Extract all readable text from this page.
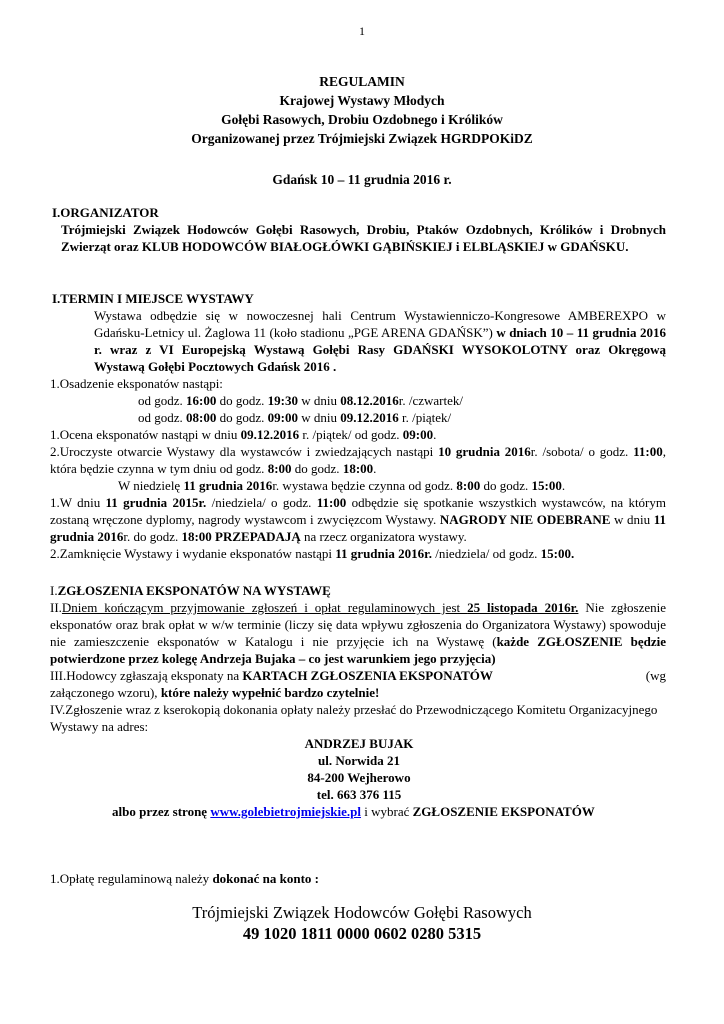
1
REGULAMIN
Krajowej Wystawy Młodych
Gołębi Rasowych, Drobiu Ozdobnego i Królików
Organizowanej przez Trójmiejski Związek HGRDPOKiDZ
Gdańsk 10 – 11 grudnia 2016 r.
I.ORGANIZATOR

Trójmiejski Związek Hodowców Gołębi Rasowych, Drobiu, Ptaków Ozdobnych, Królików i Drobnych Zwierząt oraz KLUB HODOWCÓW BIAŁOGŁÓWKI GĄBIŃSKIEJ i ELBLĄSKIEJ w GDAŃSKU.

I.TERMIN I MIEJSCE WYSTAWY

Wystawa odbędzie się w nowoczesnej hali Centrum Wystawienniczo-Kongresowe AMBEREXPO w Gdańsku-Letnicy ul. Żaglowa 11 (koło stadionu „PGE ARENA GDAŃSK”) w dniach 10 – 11 grudnia 2016 r. wraz z VI Europejską Wystawą Gołębi Rasy GDAŃSKI WYSOKOLOTNY oraz Okręgową Wystawą Gołębi Pocztowych Gdańsk 2016 .

1.Osadzenie eksponatów nastąpi:
od godz. 16:00 do godz. 19:30 w dniu 08.12.2016r. /czwartek/
od godz. 08:00 do godz. 09:00 w dniu 09.12.2016 r. /piątek/
1.Ocena eksponatów nastąpi w dniu 09.12.2016 r. /piątek/ od godz. 09:00.

2.Uroczyste otwarcie Wystawy dla wystawców i zwiedzających nastąpi 10 grudnia 2016r. /sobota/ o godz. 11:00, która będzie czynna w tym dniu od godz. 8:00 do godz. 18:00.

W niedzielę 11 grudnia 2016r. wystawa będzie czynna od godz. 8:00 do godz. 15:00.

1.W dniu 11 grudnia 2015r. /niedziela/ o godz. 11:00 odbędzie się spotkanie wszystkich wystawców, na którym zostaną wręczone dyplomy, nagrody wystawcom i zwycięzcom Wystawy. NAGRODY NIE ODEBRANE w dniu 11 grudnia 2016r. do godz. 18:00 PRZEPADAJĄ na rzecz organizatora wystawy.

2.Zamknięcie Wystawy i wydanie eksponatów nastąpi 11 grudnia 2016r. /niedziela/ od godz. 15:00.
I.ZGŁOSZENIA EKSPONATÓW NA WYSTAWĘ

II.Dniem kończącym przyjmowanie zgłoszeń i opłat regulaminowych jest 25 listopada 2016r. Nie zgłoszenie eksponatów oraz brak opłat w w/w terminie (liczy się data wpływu zgłoszenia do Organizatora Wystawy) spowoduje nie zamieszczenie eksponatów w Katalogu i nie przyjęcie ich na Wystawę (każde ZGŁOSZENIE będzie potwierdzone przez kolegę Andrzeja Bujaka – co jest warunkiem jego przyjęcia)

III.Hodowcy zgłaszają eksponaty na KARTACH ZGŁOSZENIA EKSPONATÓW	(wg
załączonego wzoru), które należy wypełnić bardzo czytelnie!

IV.Zgłoszenie wraz z kserokopią dokonania opłaty należy przesłać do Przewodniczącego Komitetu Organizacyjnego Wystawy na adres:

ANDRZEJ BUJAK
ul. Norwida 21
84-200 Wejherowo
tel. 663 376 115
albo przez stronę www.golebietrojmiejskie.pl i wybrać ZGŁOSZENIE EKSPONATÓW
1.Opłatę regulaminową należy dokonać na konto :
Trójmiejski Związek Hodowców Gołębi Rasowych
49 1020 1811 0000 0602 0280 5315
